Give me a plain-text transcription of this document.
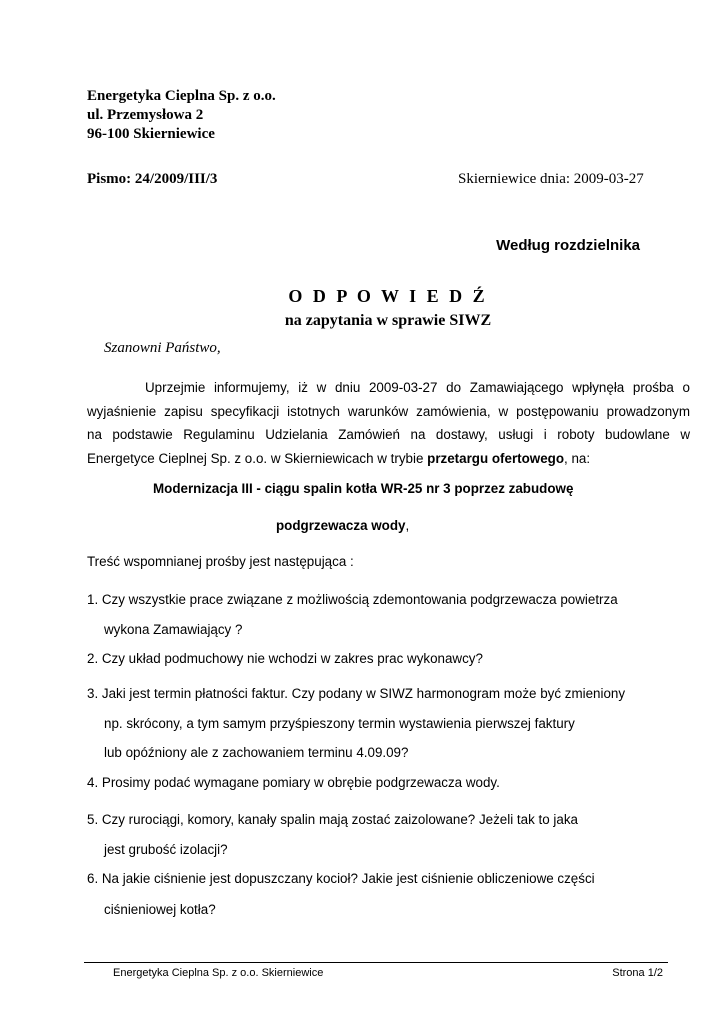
Energetyka Cieplna Sp. z o.o.
ul. Przemysłowa 2
96-100 Skierniewice
Pismo: 24/2009/III/3	Skierniewice dnia: 2009-03-27
Według rozdzielnika
O D P O W I E D Ź
na zapytania w sprawie SIWZ
Szanowni Państwo,

Uprzejmie informujemy, iż w dniu 2009-03-27 do Zamawiającego wpłynęła prośba o

wyjaśnienie zapisu specyfikacji istotnych warunków zamówienia, w postępowaniu prowadzonym

na podstawie Regulaminu Udzielania Zamówień na dostawy, usługi i roboty budowlane w

Energetyce Cieplnej Sp. z o.o. w Skierniewicach w trybie przetargu ofertowego, na:

Modernizacja III - ciągu spalin kotła WR-25 nr 3 poprzez zabudowę
podgrzewacza wody,
Treść wspomnianej prośby jest następująca :
1. Czy wszystkie prace związane z możliwością zdemontowania podgrzewacza powietrza
wykona Zamawiający ?
2. Czy układ podmuchowy nie wchodzi w zakres prac wykonawcy?
3. Jaki jest termin płatności faktur. Czy podany w SIWZ harmonogram może być zmieniony
np. skrócony, a tym samym przyśpieszony termin wystawienia pierwszej faktury
lub opóźniony ale z zachowaniem terminu 4.09.09?
4. Prosimy podać wymagane pomiary w obrębie podgrzewacza wody.
5. Czy rurociągi, komory, kanały spalin mają zostać zaizolowane? Jeżeli tak to jaka
jest grubość izolacji?
6. Na jakie ciśnienie jest dopuszczany kocioł? Jakie jest ciśnienie obliczeniowe części
ciśnieniowej kotła?
Energetyka Cieplna Sp. z o.o. Skierniewice	Strona 1/2
